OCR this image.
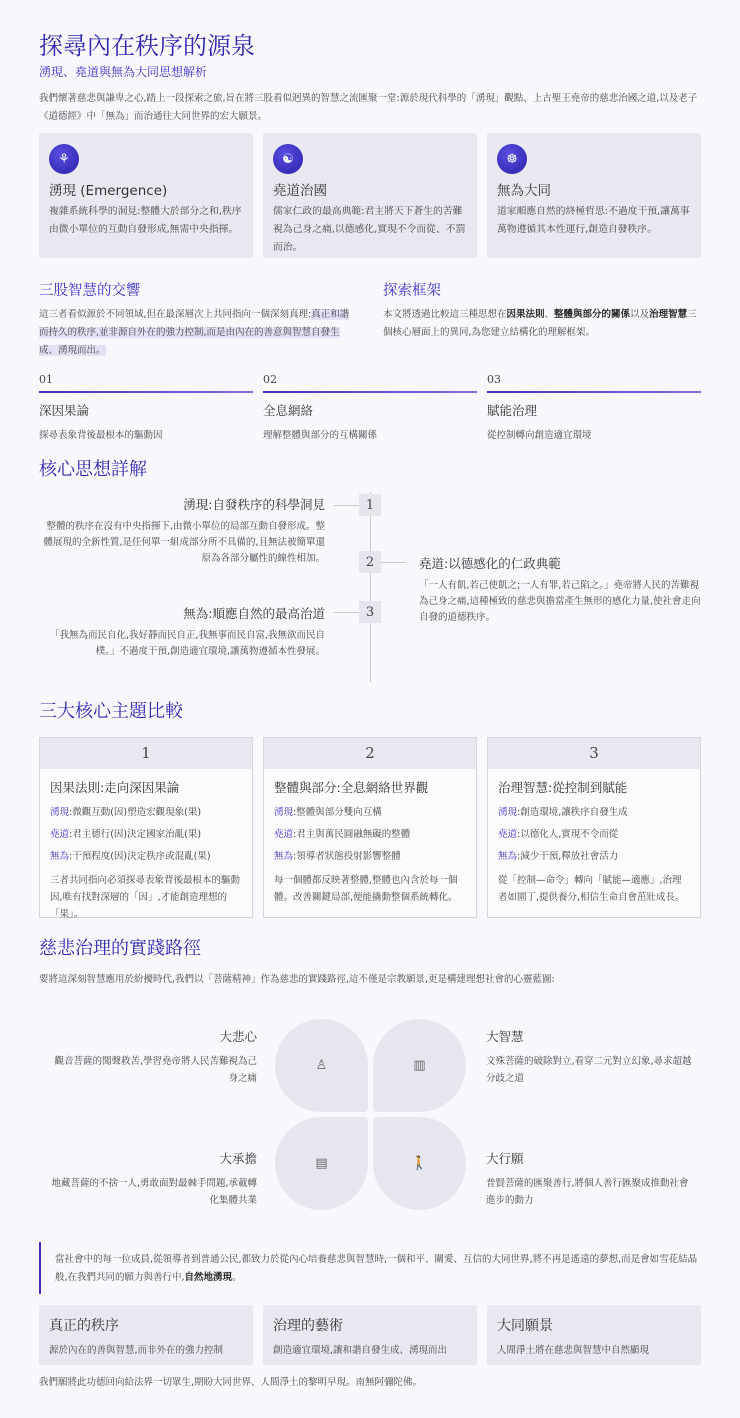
探尋內在秩序的源泉
湧現、堯道與無為大同思想解析
我們懷著慈悲與謙卑之心,踏上一段探索之旅,旨在將三股看似迥異的智慧之流匯聚一堂:源於現代科學的「湧現」觀點、上古聖王堯帝的慈悲治國之道,以及老子《道德經》中「無為」而治通往大同世界的宏大願景。
⚘
湧現 (Emergence)
複雜系統科學的洞見:整體大於部分之和,秩序由微小單位的互動自發形成,無需中央指揮。
☯
堯道治國
儒家仁政的最高典範:君主將天下蒼生的苦難視為己身之痛,以德感化,實現不令而從、不罰而治。
☸
無為大同
道家順應自然的終極哲思:不過度干預,讓萬事萬物遵循其本性運行,創造自發秩序。
三股智慧的交響
這三者看似源於不同領域,但在最深層次上共同指向一個深刻真理:真正和諧而持久的秩序,並非源自外在的強力控制,而是由內在的善意與智慧自發生成、湧現而出。
探索框架
本文將透過比較這三種思想在因果法則、整體與部分的關係以及治理智慧三個核心層面上的異同,為您建立結構化的理解框架。
01
深因果論
探尋表象背後最根本的驅動因
02
全息網絡
理解整體與部分的互構關係
03
賦能治理
從控制轉向創造適宜環境
核心思想詳解
1
2
3
湧現:自發秩序的科學洞見
整體的秩序在沒有中央指揮下,由微小單位的局部互動自發形成。整體展現的全新性質,是任何單一組成部分所不具備的,且無法被簡單還原為各部分屬性的線性相加。	堯道:以德感化的仁政典範
「一人有飢,若己使飢之;一人有罪,若己陷之。」堯帝將人民的苦難視為己身之痛,這種極致的慈悲與擔當產生無形的感化力量,使社會走向自發的道德秩序。
無為:順應自然的最高治道
「我無為而民自化,我好靜而民自正,我無事而民自富,我無欲而民自樸。」不過度干預,創造適宜環境,讓萬物遵循本性發展。
三大核心主題比較
1
因果法則:走向深因果論
湧現:微觀互動(因)塑造宏觀現象(果)
堯道:君主德行(因)決定國家治亂(果)
無為:干預程度(因)決定秩序或混亂(果)
三者共同指向必須探尋表象背後最根本的驅動因,唯有找對深層的「因」,才能創造理想的「果」。
2
整體與部分:全息網絡世界觀
湧現:整體與部分雙向互構
堯道:君主與萬民圓融無礙的整體
無為:領導者狀態投射影響整體
每一個體都反映著整體,整體也內含於每一個體。改善關鍵局部,便能撬動整個系統轉化。
3
治理智慧:從控制到賦能
湧現:創造環境,讓秩序自發生成
堯道:以德化人,實現不令而從
無為:減少干預,釋放社會活力
從「控制—命令」轉向「賦能—適應」,治理者如園丁,提供養分,相信生命自會茁壯成長。
慈悲治理的實踐路徑
要將這深刻智慧應用於紛擾時代,我們以「菩薩精神」作為慈悲的實踐路徑,這不僅是宗教願景,更是構建理想社會的心靈藍圖:
♙	▥
▤	🚶
大悲心
觀音菩薩的聞聲救苦,學習堯帝將人民苦難視為己身之痛
大智慧
文殊菩薩的破除對立,看穿二元對立幻象,尋求超越分歧之道
大承擔
地藏菩薩的不捨一人,勇敢面對最棘手問題,承載轉化集體共業
大行願
普賢菩薩的匯聚善行,將個人善行匯聚成推動社會進步的動力
當社會中的每一位成員,從領導者到普通公民,都致力於從內心培養慈悲與智慧時,一個和平、關愛、互信的大同世界,將不再是遙遠的夢想,而是會如雪花結晶般,在我們共同的願力與善行中,自然地湧現。
真正的秩序
源於內在的善與智慧,而非外在的強力控制
治理的藝術
創造適宜環境,讓和諧自發生成、湧現而出
大同願景
人間淨土將在慈悲與智慧中自然顯現
我們願將此功德回向給法界一切眾生,期盼大同世界、人間淨土的黎明早現。南無阿彌陀佛。
